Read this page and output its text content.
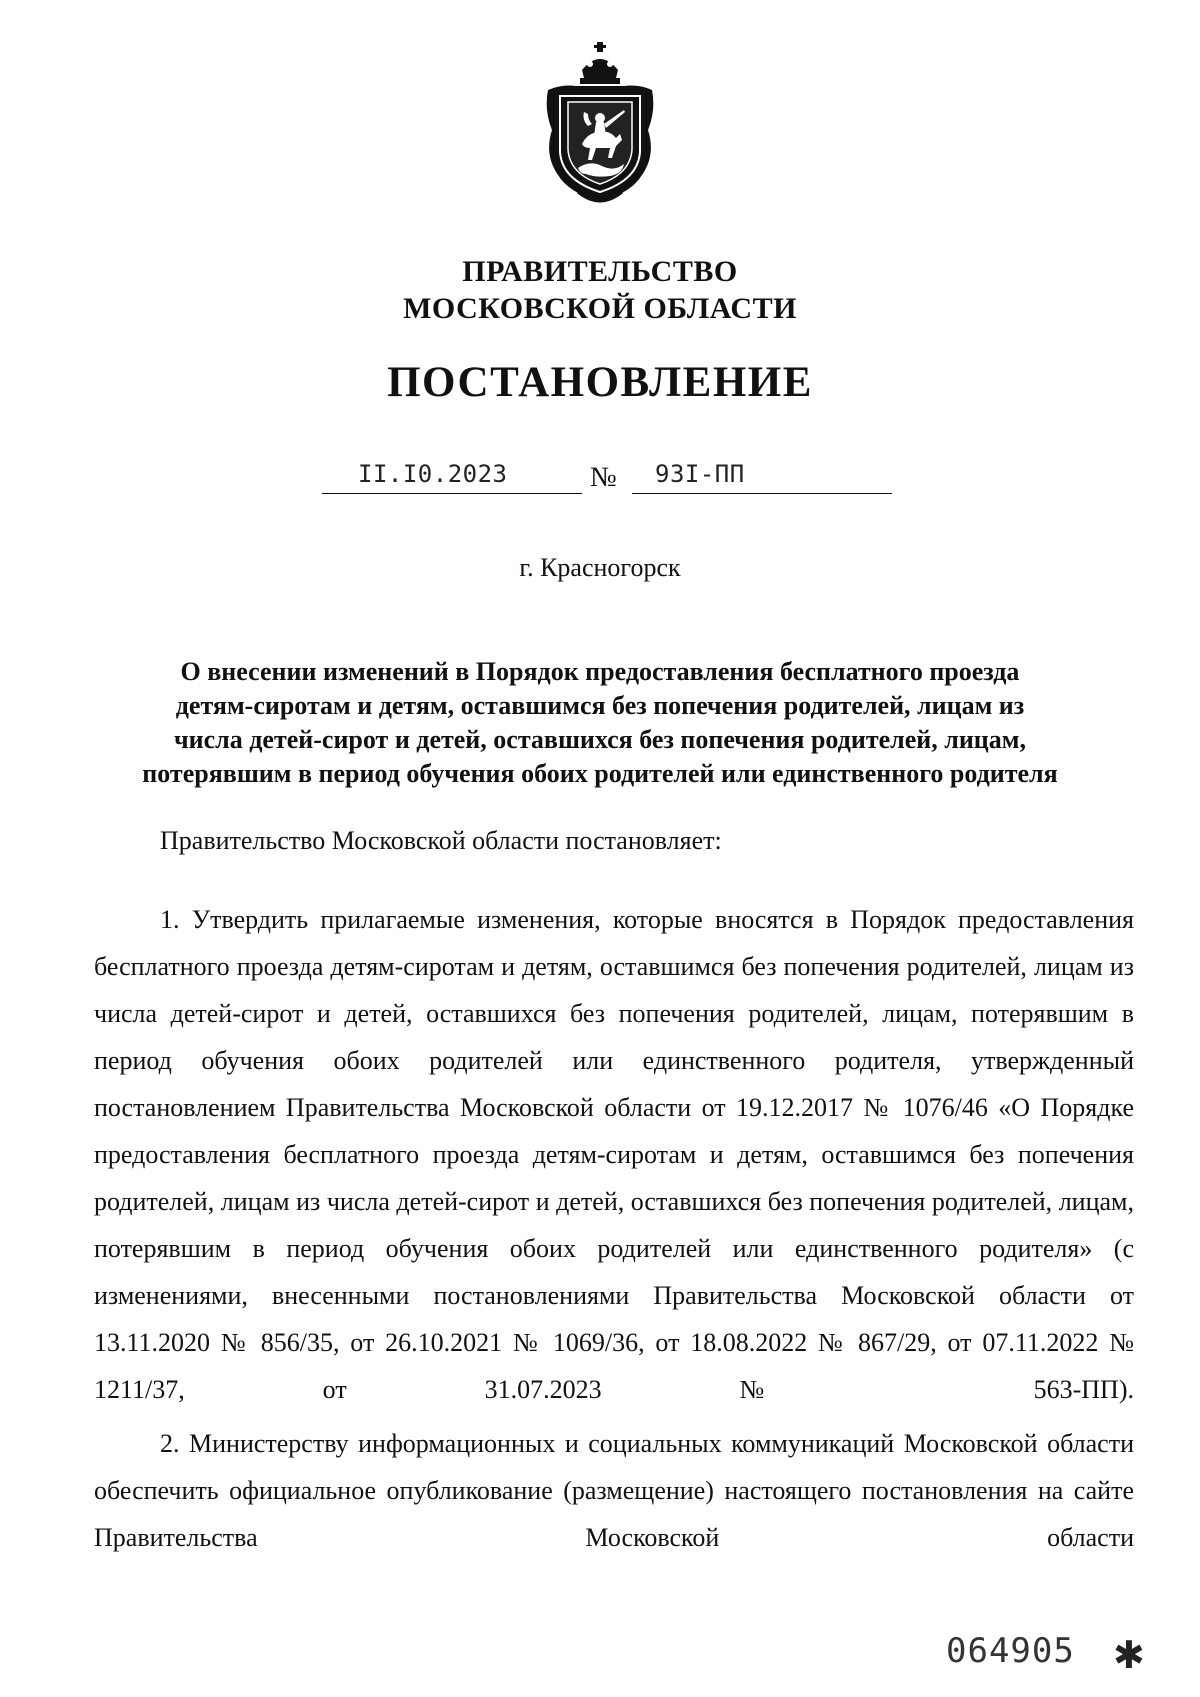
ПРАВИТЕЛЬСТВО
МОСКОВСКОЙ ОБЛАСТИ
ПОСТАНОВЛЕНИЕ
II.I0.2023	№ 93I-ПП
г. Красногорск
О внесении изменений в Порядок предоставления бесплатного проезда детям-сиротам и детям, оставшимся без попечения родителей, лицам из числа детей-сирот и детей, оставшихся без попечения родителей, лицам, потерявшим в период обучения обоих родителей или единственного родителя
Правительство Московской области постановляет:

1. Утвердить прилагаемые изменения, которые вносятся в Порядок предоставления бесплатного проезда детям-сиротам и детям, оставшимся без попечения родителей, лицам из числа детей-сирот и детей, оставшихся без попечения родителей, лицам, потерявшим в период обучения обоих родителей или единственного родителя, утвержденный постановлением Правительства Московской области от 19.12.2017 № 1076/46 «О Порядке предоставления бесплатного проезда детям-сиротам и детям, оставшимся без попечения родителей, лицам из числа детей-сирот и детей, оставшихся без попечения родителей, лицам, потерявшим в период обучения обоих родителей или единственного родителя» (с изменениями, внесенными постановлениями Правительства Московской области от 13.11.2020 № 856/35, от 26.10.2021 № 1069/36, от 18.08.2022 № 867/29, от 07.11.2022 № 1211/37, от 31.07.2023 № 563-ПП).

2. Министерству информационных и социальных коммуникаций Московской области обеспечить официальное опубликование (размещение) настоящего постановления на сайте Правительства Московской области

064905 ✱
